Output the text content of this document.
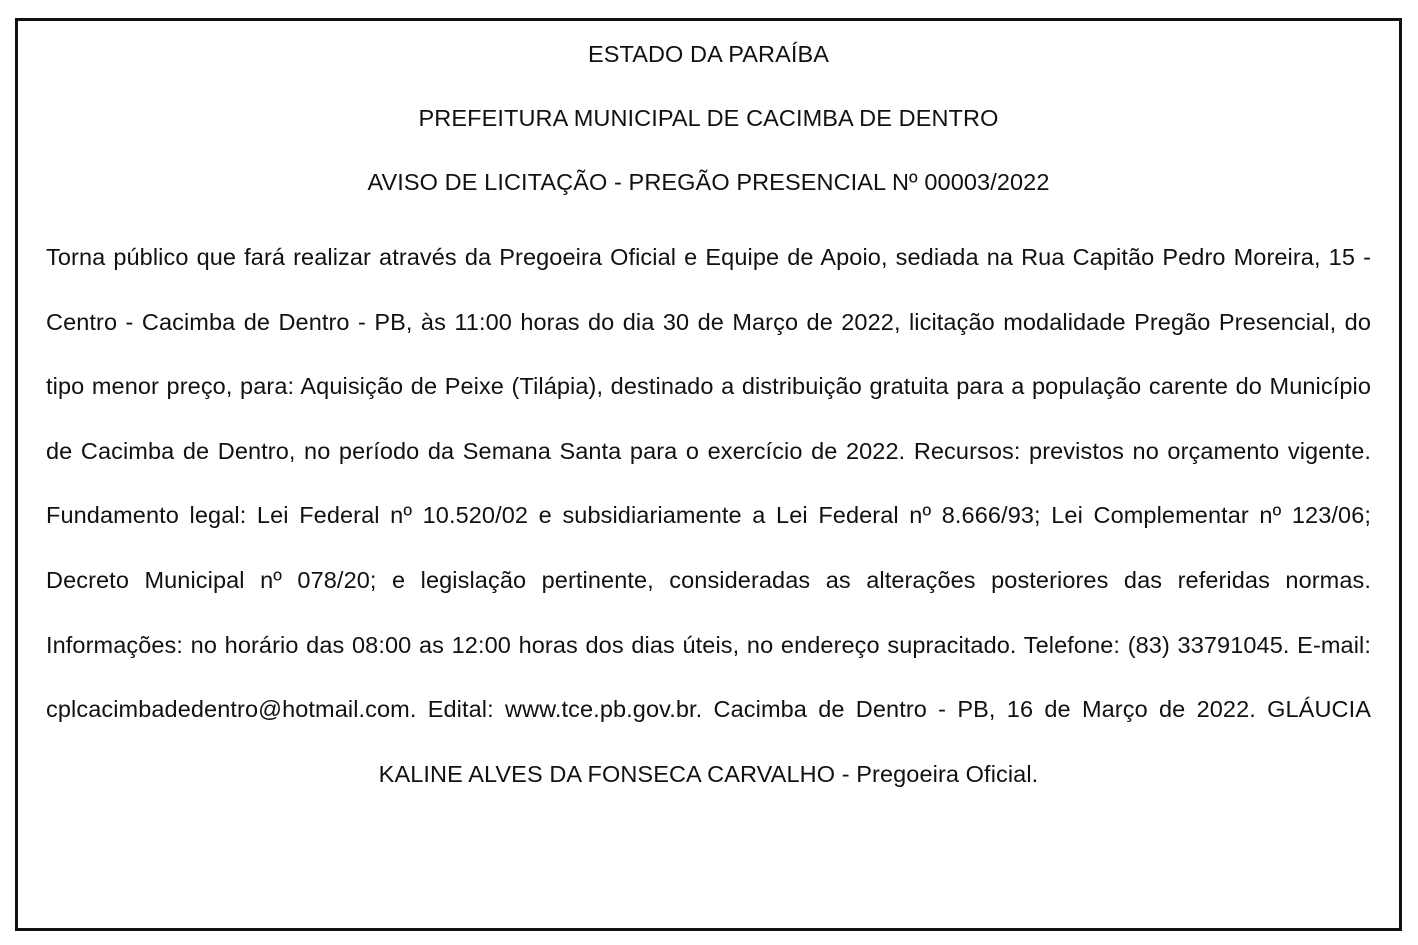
ESTADO DA PARAÍBA

PREFEITURA MUNICIPAL DE CACIMBA DE DENTRO

AVISO DE LICITAÇÃO - PREGÃO PRESENCIAL Nº 00003/2022

Torna público que fará realizar através da Pregoeira Oficial e Equipe de Apoio, sediada na Rua Capitão Pedro Moreira, 15 - Centro - Cacimba de Dentro - PB, às 11:00 horas do dia 30 de Março de 2022, licitação modalidade Pregão Presencial, do tipo menor preço, para: Aquisição de Peixe (Tilápia), destinado a distribuição gratuita para a população carente do Município de Cacimba de Dentro, no período da Semana Santa para o exercício de 2022. Recursos: previstos no orçamento vigente. Fundamento legal: Lei Federal nº 10.520/02 e subsidiariamente a Lei Federal nº 8.666/93; Lei Complementar nº 123/06; Decreto Municipal nº 078/20; e legislação pertinente, consideradas as alterações posteriores das referidas normas. Informações: no horário das 08:00 as 12:00 horas dos dias úteis, no endereço supracitado. Telefone: (83) 33791045. E-mail: cplcacimbadedentro@hotmail.com. Edital: www.tce.pb.gov.br. Cacimba de Dentro - PB, 16 de Março de 2022. GLÁUCIA KALINE ALVES DA FONSECA CARVALHO - Pregoeira Oficial.
